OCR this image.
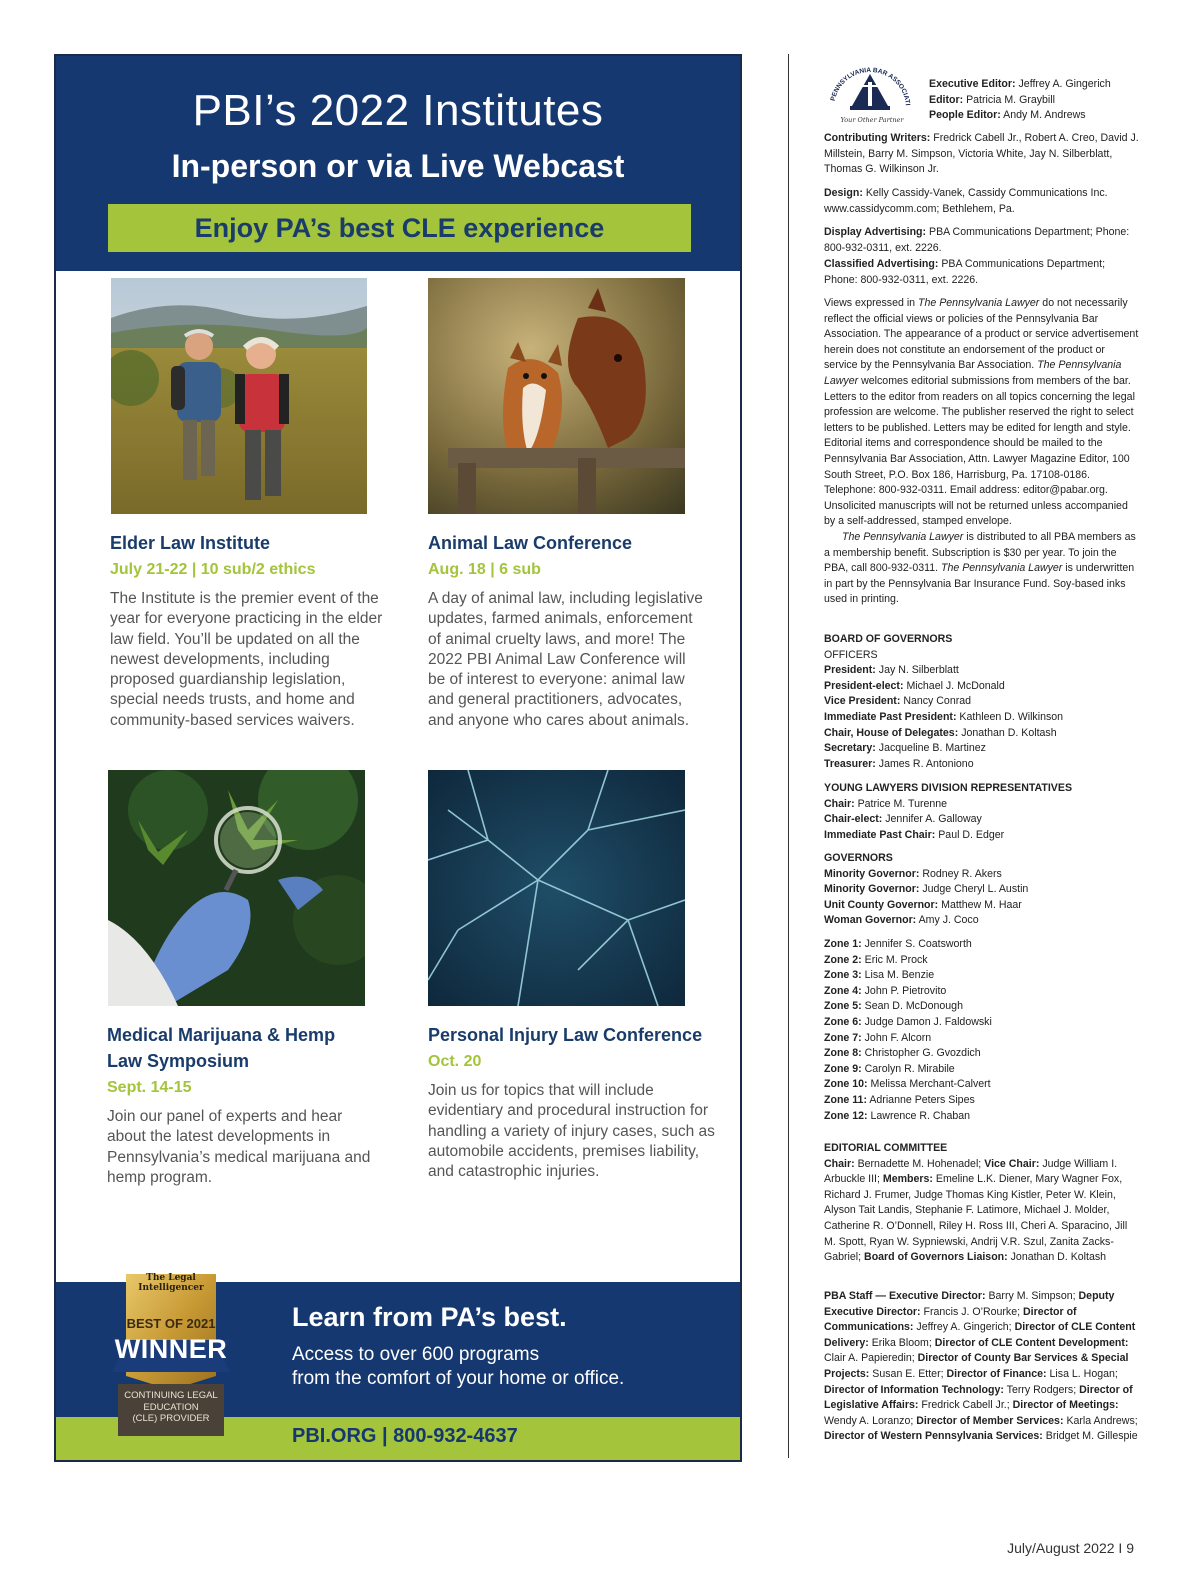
PBI’s 2022 Institutes
In-person or via Live Webcast
Enjoy PA’s best CLE experience
Elder Law Institute
July 21-22 | 10 sub/2 ethics
The Institute is the premier event of the year for everyone practicing in the elder law field. You’ll be updated on all the newest developments, including proposed guardianship legislation, special needs trusts, and home and community-based services waivers.
Animal Law Conference
Aug. 18 | 6 sub
A day of animal law, including legislative updates, farmed animals, enforcement of animal cruelty laws, and more! The 2022 PBI Animal Law Conference will be of interest to everyone: animal law and general practitioners, advocates, and anyone who cares about animals.
Medical Marijuana & Hemp
Law Symposium
Sept. 14-15
Join our panel of experts and hear about the latest developments in Pennsylvania’s medical marijuana and hemp program.
Personal Injury Law Conference
Oct. 20
Join us for topics that will include evidentiary and procedural instruction for handling a variety of injury cases, such as automobile accidents, premises liability, and catastrophic injuries.
Learn from PA’s best.
Access to over 600 programs
from the comfort of your home or office.
PBI.ORG | 800-932-4637
The Legal
Intelligencer
BEST OF 2021
WINNER
CONTINUING LEGAL
EDUCATION
(CLE) PROVIDER
PENNSYLVANIA BAR ASSOCIATI
Your Other Partner
Executive Editor: Jeffrey A. Gingerich
Editor: Patricia M. Graybill
People Editor: Andy M. Andrews
Contributing Writers: Fredrick Cabell Jr., Robert A. Creo, David J. Millstein, Barry M. Simpson, Victoria White, Jay N. Silberblatt, Thomas G. Wilkinson Jr.
Design: Kelly Cassidy-Vanek, Cassidy Communications Inc. www.cassidycomm.com; Bethlehem, Pa.
Display Advertising: PBA Communications Department; Phone: 800-932-0311, ext. 2226.
Classified Advertising: PBA Communications Department; Phone: 800-932-0311, ext. 2226.
Views expressed in The Pennsylvania Lawyer do not necessarily reflect the official views or policies of the Pennsylvania Bar Association. The appearance of a product or service advertisement herein does not constitute an endorsement of the product or service by the Pennsylvania Bar Association. The Pennsylvania Lawyer welcomes editorial submissions from members of the bar. Letters to the editor from readers on all topics concerning the legal profession are welcome. The publisher reserved the right to select letters to be published. Letters may be edited for length and style. Editorial items and correspondence should be mailed to the Pennsylvania Bar Association, Attn. Lawyer Magazine Editor, 100 South Street, P.O. Box 186, Harrisburg, Pa. 17108-0186. Telephone: 800-932-0311. Email address: editor@pabar.org. Unsolicited manuscripts will not be returned unless accompanied by a self-addressed, stamped envelope.
The Pennsylvania Lawyer is distributed to all PBA members as a membership benefit. Subscription is $30 per year. To join the PBA, call 800-932-0311. The Pennsylvania Lawyer is underwritten in part by the Pennsylvania Bar Insurance Fund. Soy-based inks used in printing.
BOARD OF GOVERNORS
OFFICERS
President: Jay N. Silberblatt
President-elect: Michael J. McDonald
Vice President: Nancy Conrad
Immediate Past President: Kathleen D. Wilkinson
Chair, House of Delegates: Jonathan D. Koltash
Secretary: Jacqueline B. Martinez
Treasurer: James R. Antoniono
YOUNG LAWYERS DIVISION REPRESENTATIVES
Chair: Patrice M. Turenne
Chair-elect: Jennifer A. Galloway
Immediate Past Chair: Paul D. Edger
GOVERNORS
Minority Governor: Rodney R. Akers
Minority Governor: Judge Cheryl L. Austin
Unit County Governor: Matthew M. Haar
Woman Governor: Amy J. Coco
Zone 1: Jennifer S. Coatsworth
Zone 2: Eric M. Prock
Zone 3: Lisa M. Benzie
Zone 4: John P. Pietrovito
Zone 5: Sean D. McDonough
Zone 6: Judge Damon J. Faldowski
Zone 7: John F. Alcorn
Zone 8: Christopher G. Gvozdich
Zone 9: Carolyn R. Mirabile
Zone 10: Melissa Merchant-Calvert
Zone 11: Adrianne Peters Sipes
Zone 12: Lawrence R. Chaban
EDITORIAL COMMITTEE
Chair: Bernadette M. Hohenadel; Vice Chair: Judge William I. Arbuckle III; Members: Emeline L.K. Diener, Mary Wagner Fox, Richard J. Frumer, Judge Thomas King Kistler, Peter W. Klein, Alyson Tait Landis, Stephanie F. Latimore, Michael J. Molder, Catherine R. O’Donnell, Riley H. Ross III, Cheri A. Sparacino, Jill M. Spott, Ryan W. Sypniewski, Andrij V.R. Szul, Zanita Zacks-Gabriel; Board of Governors Liaison: Jonathan D. Koltash
PBA Staff — Executive Director: Barry M. Simpson; Deputy Executive Director: Francis J. O’Rourke; Director of Communications: Jeffrey A. Gingerich; Director of CLE Content Delivery: Erika Bloom; Director of CLE Content Development: Clair A. Papieredin; Director of County Bar Services & Special Projects: Susan E. Etter; Director of Finance: Lisa L. Hogan; Director of Information Technology: Terry Rodgers; Director of Legislative Affairs: Fredrick Cabell Jr.; Director of Meetings: Wendy A. Loranzo; Director of Member Services: Karla Andrews; Director of Western Pennsylvania Services: Bridget M. Gillespie
July/August 2022 I 9
